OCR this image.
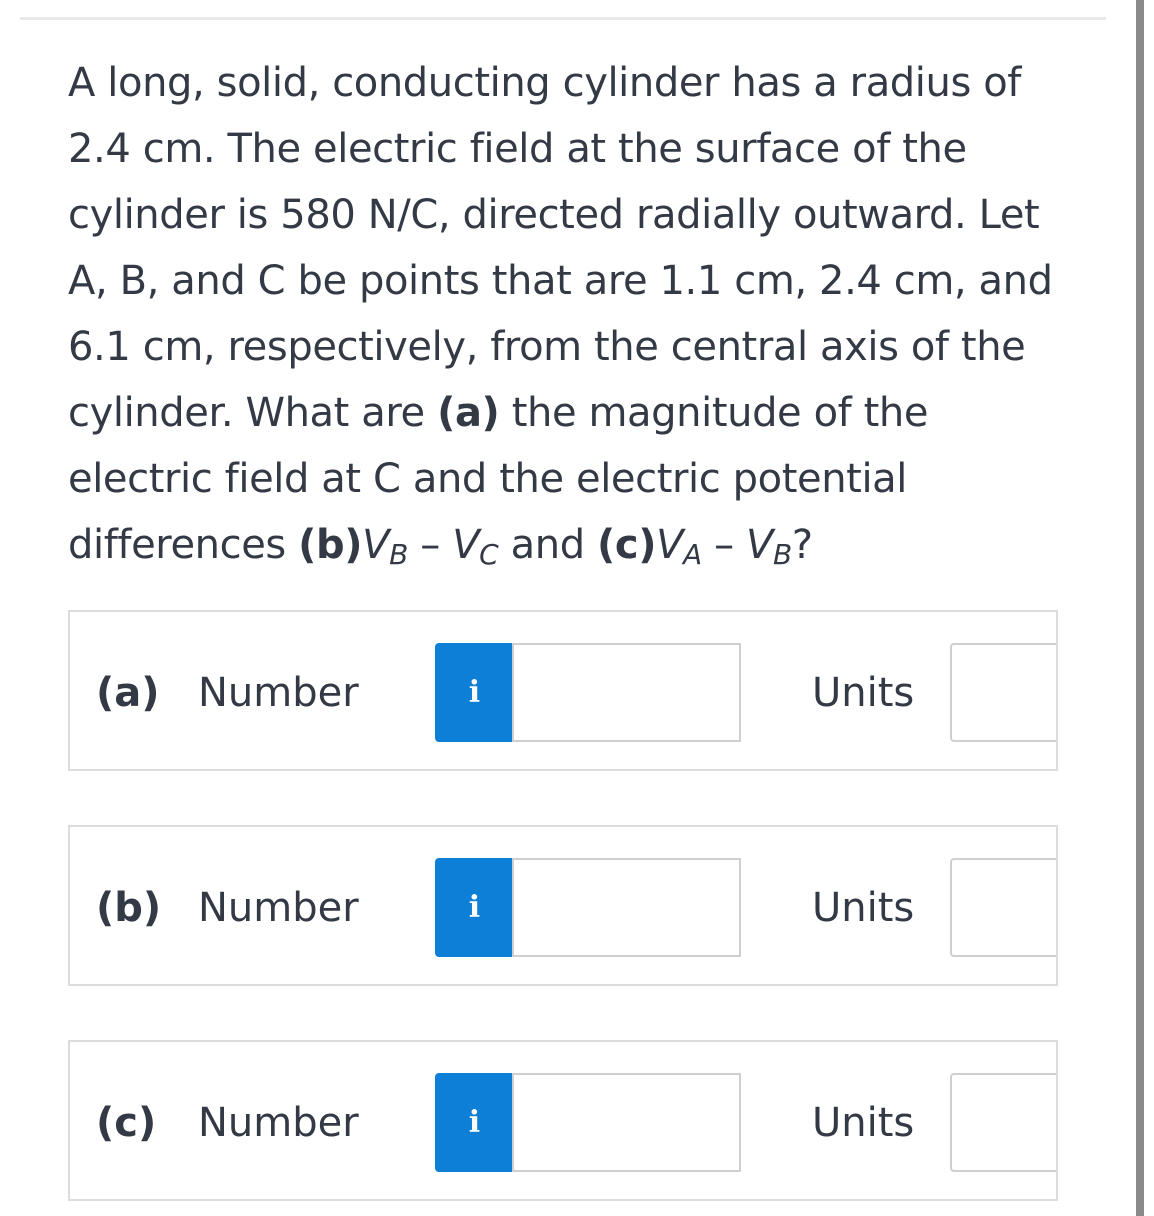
A long, solid, conducting cylinder has a radius of 2.4 cm. The electric field at the surface of the cylinder is 580 N/C, directed radially outward. Let A, B, and C be points that are 1.1 cm, 2.4 cm, and 6.1 cm, respectively, from the central axis of the cylinder. What are (a) the magnitude of the electric field at C and the electric potential differences $(b)V_B - V_C$ and $(c)V_A - V_B$?
(a) Number	i	Units
(b) Number	i	Units
(c) Number	i	Units
